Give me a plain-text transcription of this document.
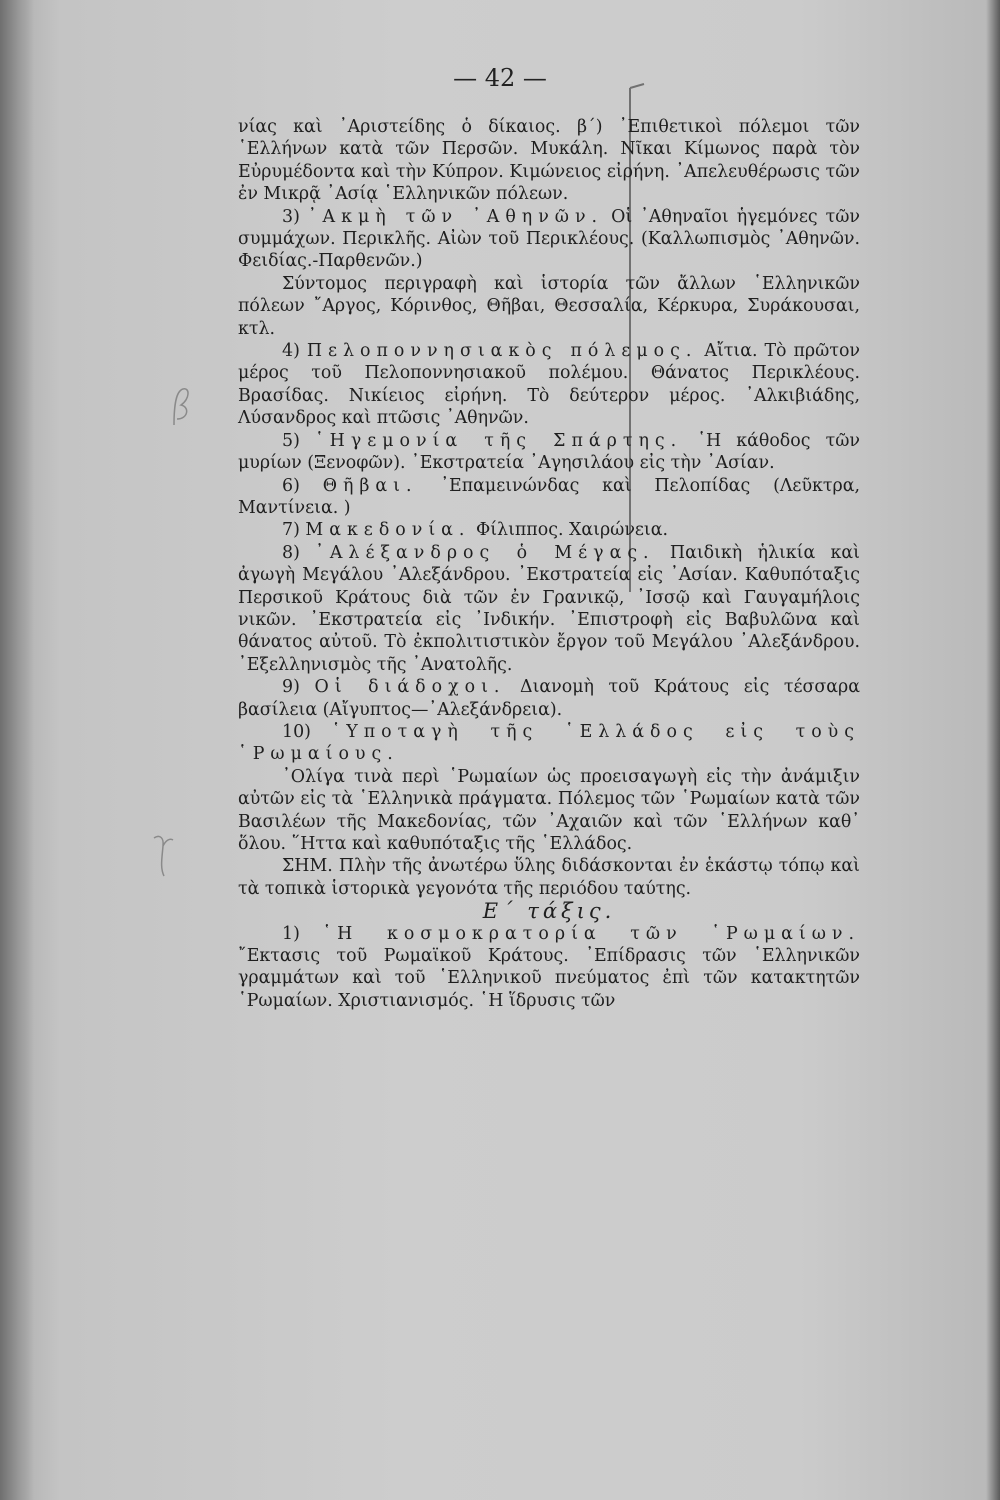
— 42 —

νίας καὶ ᾽Αριστείδης ὁ δίκαιος. β΄) ᾽Επιθετικοὶ πόλεμοι τῶν ῾Ελλήνων κατὰ τῶν Περσῶν. Μυκάλη. Νῖκαι Κίμωνος παρὰ τὸν Εὐρυμέδοντα καὶ τὴν Κύπρον. Κιμώνειος εἰρήνη. ᾽Απελευθέρωσις τῶν ἐν Μικρᾷ ᾽Ασίᾳ ῾Ελληνικῶν πόλεων.

3) ᾽Ακμὴ τῶν ᾽Αθηνῶν. Οἱ ᾽Αθηναῖοι ἡγεμόνες τῶν συμμάχων. Περικλῆς. Αἰὼν τοῦ Περικλέους. (Καλλωπισμὸς ᾽Αθηνῶν. Φειδίας.-Παρθενῶν.)

Σύντομος περιγραφὴ καὶ ἱστορία τῶν ἄλλων ῾Ελληνικῶν πόλεων ῎Αργος, Κόρινθος, Θῆβαι, Θεσσαλία, Κέρκυρα, Συράκουσαι, κτλ.

4) Πελοποννησιακὸς πόλεμος. Αἴτια. Τὸ πρῶτον μέρος τοῦ Πελοποννησιακοῦ πολέμου. Θάνατος Περικλέους. Βρασίδας. Νικίειος εἰρήνη. Τὸ δεύτερον μέρος. ᾽Αλκιβιάδης, Λύσανδρος καὶ πτῶσις ᾽Αθηνῶν.

5) ῾Ηγεμονία τῆς Σπάρτης. ῾Η κάθοδος τῶν μυρίων (Ξενοφῶν). ᾽Εκστρατεία ᾽Αγησιλάου εἰς τὴν ᾽Ασίαν.

6) Θῆβαι. ᾽Επαμεινώνδας καὶ Πελοπίδας (Λεῦκτρα, Μαντίνεια. )

7) Μακεδονία. Φίλιππος. Χαιρώνεια.

8) ᾽Αλέξανδρος ὁ Μέγας. Παιδικὴ ἡλικία καὶ ἀγωγὴ Μεγάλου ᾽Αλεξάνδρου. ᾽Εκστρατεία εἰς ᾽Ασίαν. Καθυπόταξις Περσικοῦ Κράτους διὰ τῶν ἐν Γρανικῷ, ᾽Ισσῷ καὶ Γαυγαμήλοις νικῶν. ᾽Εκστρατεία εἰς ᾽Ινδικήν. ᾽Επιστροφὴ εἰς Βαβυλῶνα καὶ θάνατος αὐτοῦ. Τὸ ἐκπολιτιστικὸν ἔργον τοῦ Μεγάλου ᾽Αλεξάνδρου. ᾽Εξελληνισμὸς τῆς ᾽Ανατολῆς.

9) Οἱ διάδοχοι. Διανομὴ τοῦ Κράτους εἰς τέσσαρα βασίλεια (Αἴγυπτος—᾽Αλεξάνδρεια).

10) ῾Υποταγὴ τῆς ῾Ελλάδος εἰς τοὺς ῾Ρωμαίους.

᾽Ολίγα τινὰ περὶ ῾Ρωμαίων ὡς προεισαγωγὴ εἰς τὴν ἀνάμιξιν αὐτῶν εἰς τὰ ῾Ελληνικὰ πράγματα. Πόλεμος τῶν ῾Ρωμαίων κατὰ τῶν Βασιλέων τῆς Μακεδονίας, τῶν ᾽Αχαιῶν καὶ τῶν ῾Ελλήνων καθ᾽ ὅλου. ῞Ηττα καὶ καθυπόταξις τῆς ῾Ελλάδος.

ΣΗΜ. Πλὴν τῆς ἀνωτέρω ὕλης διδάσκονται ἐν ἑκάστῳ τόπῳ καὶ τὰ τοπικὰ ἱστορικὰ γεγονότα τῆς περιόδου ταύτης.

Ε΄ τάξις.

1) ῾Η κοσμοκρατορία τῶν ῾Ρωμαίων. ῎Εκτασις τοῦ Ρωμαϊκοῦ Κράτους. ᾽Επίδρασις τῶν ῾Ελληνικῶν γραμμάτων καὶ τοῦ ῾Ελληνικοῦ πνεύματος ἐπὶ τῶν κατακτητῶν ῾Ρωμαίων. Χριστιανισμός. ῾Η ἵδρυσις τῶν
